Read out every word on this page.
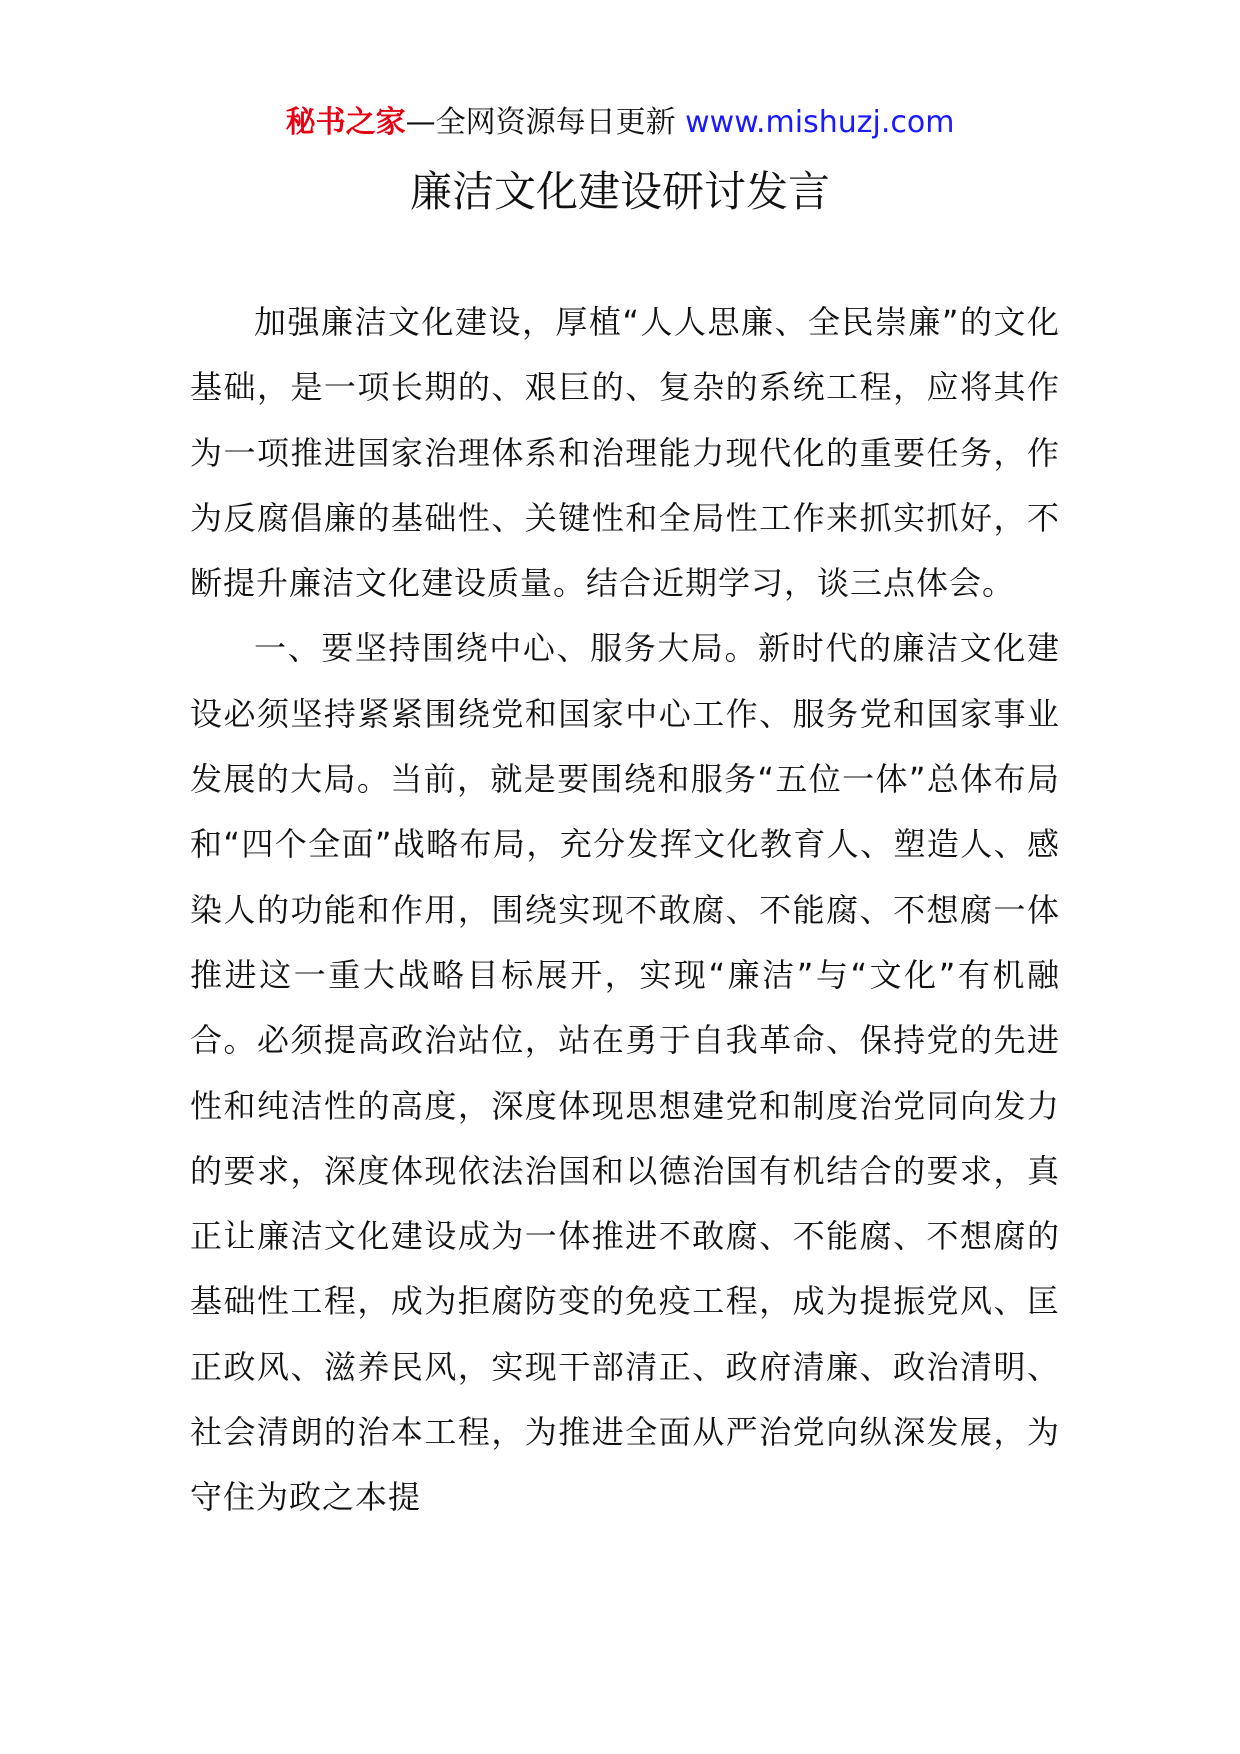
秘书之家—全网资源每日更新 www.mishuzj.com
廉洁文化建设研讨发言

加强廉洁文化建设，厚植“人人思廉、全民崇廉”的文化基础，是一项长期的、艰巨的、复杂的系统工程，应将其作为一项推进国家治理体系和治理能力现代化的重要任务，作为反腐倡廉的基础性、关键性和全局性工作来抓实抓好，不断提升廉洁文化建设质量。结合近期学习，谈三点体会。

一、要坚持围绕中心、服务大局。新时代的廉洁文化建设必须坚持紧紧围绕党和国家中心工作、服务党和国家事业发展的大局。当前，就是要围绕和服务“五位一体”总体布局和“四个全面”战略布局，充分发挥文化教育人、塑造人、感染人的功能和作用，围绕实现不敢腐、不能腐、不想腐一体推进这一重大战略目标展开，实现“廉洁”与“文化”有机融合。必须提高政治站位，站在勇于自我革命、保持党的先进性和纯洁性的高度，深度体现思想建党和制度治党同向发力的要求，深度体现依法治国和以德治国有机结合的要求，真正让廉洁文化建设成为一体推进不敢腐、不能腐、不想腐的基础性工程，成为拒腐防变的免疫工程，成为提振党风、匡正政风、滋养民风，实现干部清正、政府清廉、政治清明、社会清朗的治本工程，为推进全面从严治党向纵深发展，为守住为政之本提
